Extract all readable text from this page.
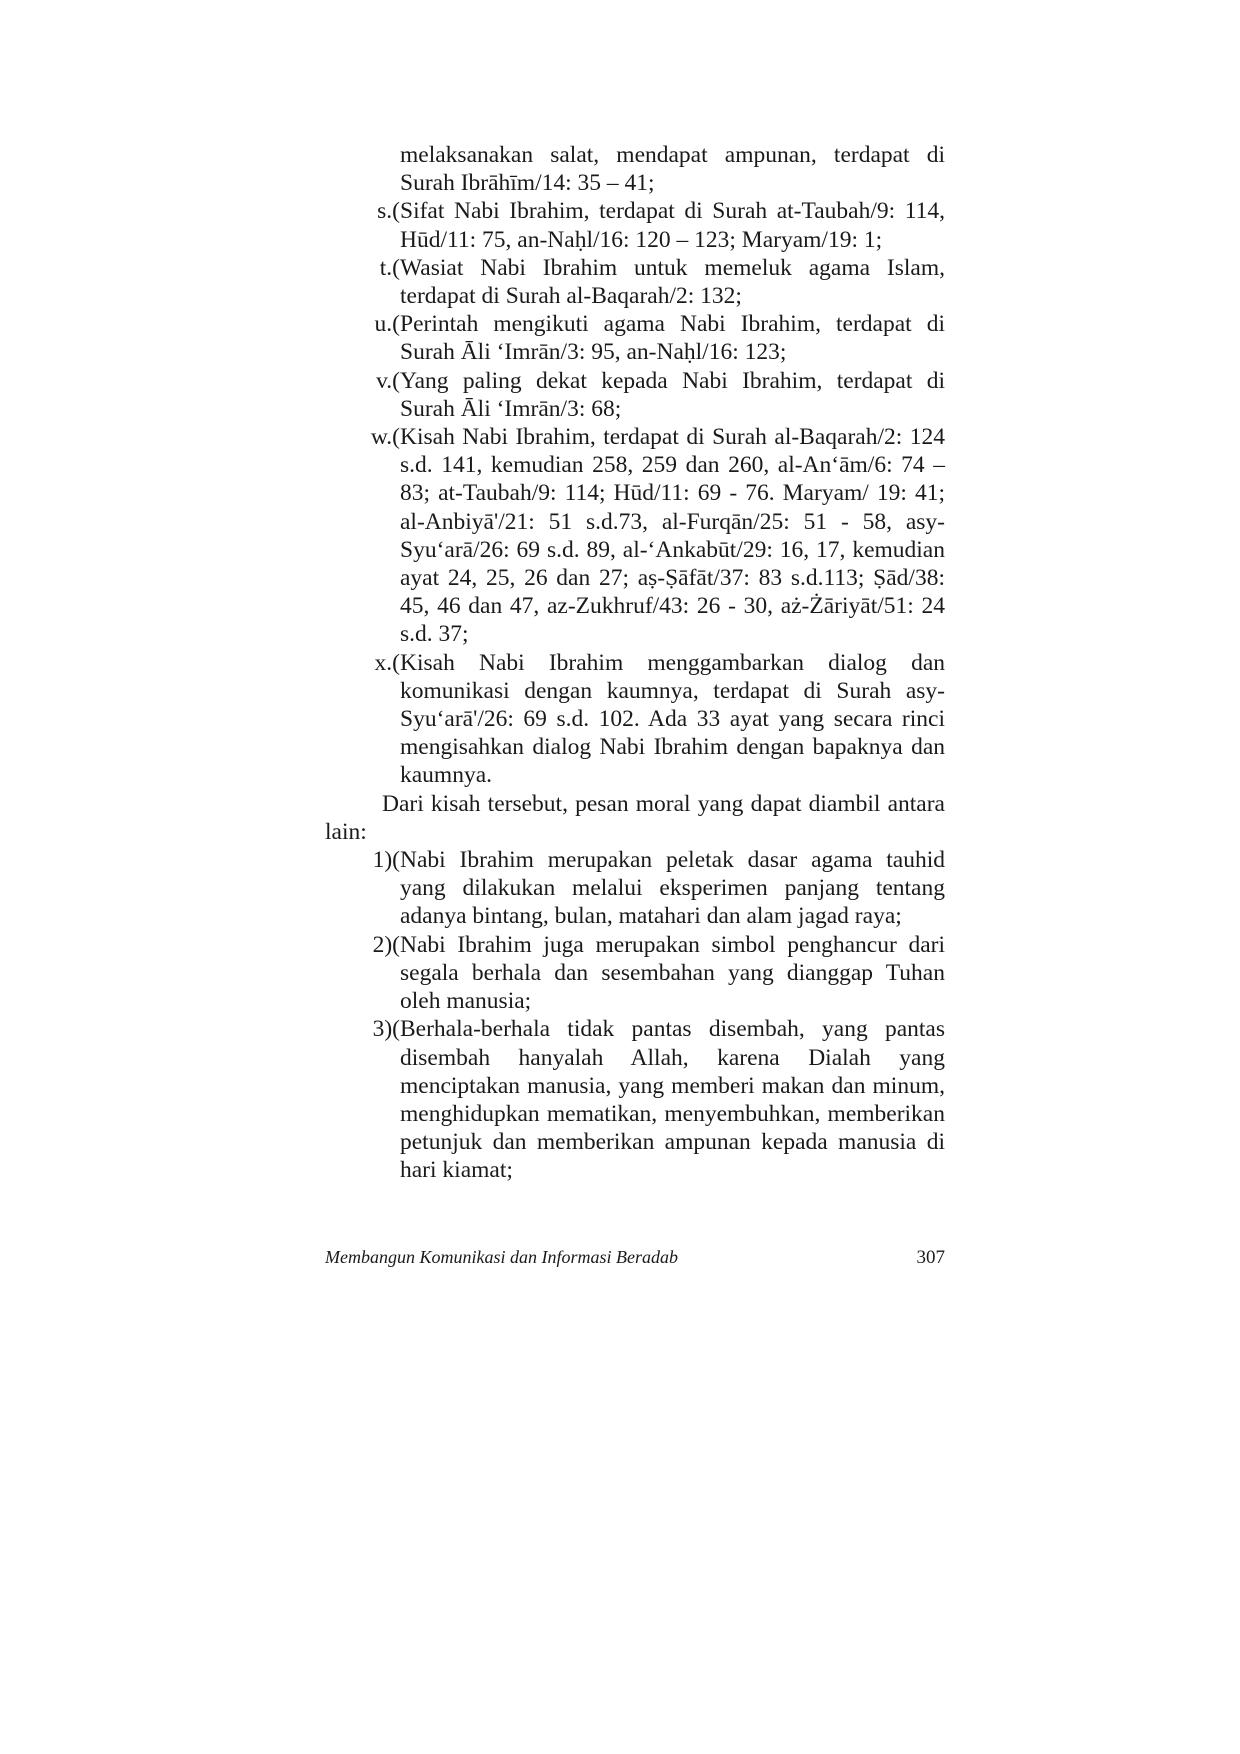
melaksanakan salat, mendapat ampunan, terdapat di Surah Ibrāhīm/14: 35 – 41;
s.( Sifat Nabi Ibrahim, terdapat di Surah at-Taubah/9: 114, Hūd/11: 75, an-Naḥl/16: 120 – 123; Maryam/19: 1;
t.( Wasiat Nabi Ibrahim untuk memeluk agama Islam, terdapat di Surah al-Baqarah/2: 132;
u.( Perintah mengikuti agama Nabi Ibrahim, terdapat di Surah Āli ‘Imrān/3: 95, an-Naḥl/16: 123;
v.( Yang paling dekat kepada Nabi Ibrahim, terdapat di Surah Āli ‘Imrān/3: 68;
w.( Kisah Nabi Ibrahim, terdapat di Surah al-Baqarah/2: 124 s.d. 141, kemudian 258, 259 dan 260, al-An‘ām/6: 74 – 83; at-Taubah/9: 114; Hūd/11: 69 - 76. Maryam/ 19: 41; al-Anbiyā'/21: 51 s.d.73, al-Furqān/25: 51 - 58, asy-Syu‘arā/26: 69 s.d. 89, al-‘Ankabūt/29: 16, 17, kemudian ayat 24, 25, 26 dan 27; aṣ-Ṣāfāt/37: 83 s.d.113; Ṣād/38: 45, 46 dan 47, az-Zukhruf/43: 26 - 30, aż-Żāriyāt/51: 24 s.d. 37;
x.( Kisah Nabi Ibrahim menggambarkan dialog dan komunikasi dengan kaumnya, terdapat di Surah asy-Syu‘arā'/26: 69 s.d. 102. Ada 33 ayat yang secara rinci mengisahkan dialog Nabi Ibrahim dengan bapaknya dan kaumnya.
Dari kisah tersebut, pesan moral yang dapat diambil antara lain:
1)( Nabi Ibrahim merupakan peletak dasar agama tauhid yang dilakukan melalui eksperimen panjang tentang adanya bintang, bulan, matahari dan alam jagad raya;
2)( Nabi Ibrahim juga merupakan simbol penghancur dari segala berhala dan sesembahan yang dianggap Tuhan oleh manusia;
3)( Berhala-berhala tidak pantas disembah, yang pantas disembah hanyalah Allah, karena Dialah yang menciptakan manusia, yang memberi makan dan minum, menghidupkan mematikan, menyembuhkan, memberikan petunjuk dan memberikan ampunan kepada manusia di hari kiamat;
Membangun Komunikasi dan Informasi Beradab	307
